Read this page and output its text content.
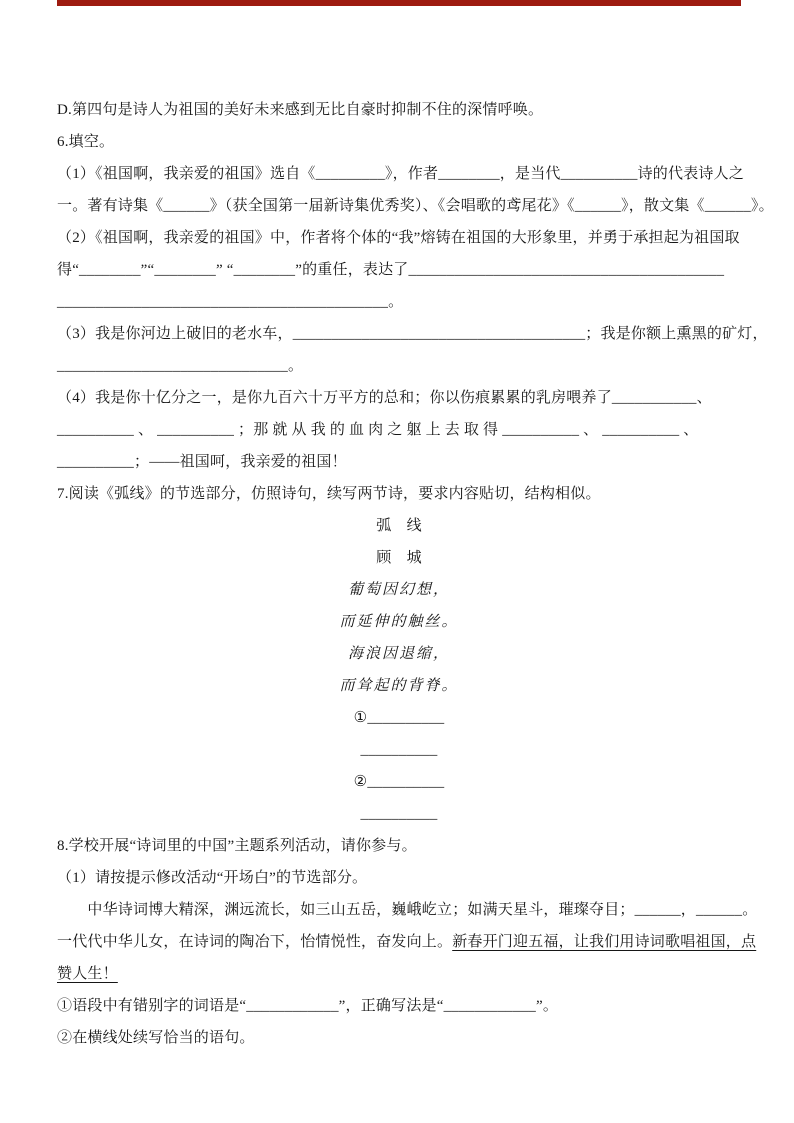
D.第四句是诗人为祖国的美好未来感到无比自豪时抑制不住的深情呼唤。
6.填空。
（1）《祖国啊，我亲爱的祖国》选自《_________》，作者________，是当代__________诗的代表诗人之
一。著有诗集《______》（获全国第一届新诗集优秀奖）、《会唱歌的鸢尾花》《______》，散文集《______》。
（2）《祖国啊，我亲爱的祖国》中，作者将个体的“我”熔铸在祖国的大形象里，并勇于承担起为祖国取
得“________”“________” “________”的重任，表达了_________________________________________
___________________________________________。
（3）我是你河边上破旧的老水车，______________________________________；我是你额上熏黑的矿灯，
______________________________。
（4）我是你十亿分之一，是你九百六十万平方的总和；你以伤痕累累的乳房喂养了___________、
__________ 、 __________ ；那 就 从 我 的 血 肉 之 躯 上 去 取 得 __________ 、 __________ 、
__________；——祖国呵，我亲爱的祖国！
7.阅读《弧线》的节选部分，仿照诗句，续写两节诗，要求内容贴切，结构相似。
弧　线
顾　城
葡萄因幻想，
而延伸的触丝。
海浪因退缩，
而耸起的背脊。
①__________
__________
②__________
__________
8.学校开展“诗词里的中国”主题系列活动，请你参与。
（1）请按提示修改活动“开场白”的节选部分。
　　中华诗词博大精深，渊远流长，如三山五岳，巍峨屹立；如满天星斗，璀璨夺目；______，______。
一代代中华儿女，在诗词的陶冶下，怡情悦性，奋发向上。新春开门迎五福，让我们用诗词歌唱祖国，点
赞人生！
①语段中有错别字的词语是“____________”，正确写法是“____________”。
②在横线处续写恰当的语句。
